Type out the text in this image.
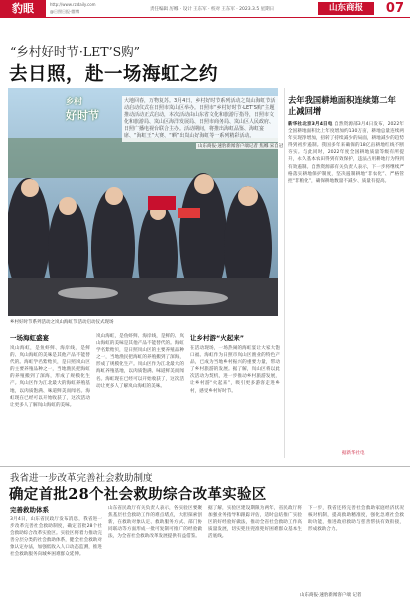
豹眼	http://www.rzdaily.com
@日照日报·微博	责任编辑 厉娜 · 设计 王东军 · 校对 王东军 · 2023.3.5 星期日	山东商报	07
“乡村好时节·LET’S购”
去日照，赴一场海虹之约
乡村
好时节
大地回春，万物复苏。3月4日，乡村好时节系列活动之岚山海虹节活动启动仪式在日照市岚山区举办。日照市“乡村好时节·LET’S购”主题推动活动正式启动，本次活动由山东省文化和旅游厅指导，日照市文化和旅游局、岚山区海洋发展局、日照市商务局、岚山区人民政府、日照广播电视台联合主办。活动期间，将推出海虹品鉴、海虹宴席、“海虹王”大赛、“晒”出岚山好海虹等一系列精彩活动。
山东商报·速豹新闻客户端记者 焦娜 宋自冠
乡村好时节系列活动之岚山海虹节活动启动仪式现场
一场海虹盛宴
岚山海虹，是鱼虾鲜、海岸线，是鲜的、岚山海虹的美味是其他产品不能替代的。海虹学名紫贻贝，是日照岚山区的主要养殖品种之一，当地渔民把海虹的养殖搬到了深海，形成了规模化生产。岚山区作为江北最大的海虹养殖基地，以肉质饱满、味道鲜美而闻名。海虹现在已经可以开始收获了，这次活动让更多人了解岚山海虹的美味。
岚山海虹，是鱼虾鲜、海岸线，是鲜的、岚山海虹的美味是其他产品不能替代的。海虹学名紫贻贝，是日照岚山区的主要养殖品种之一，当地渔民把海虹的养殖搬到了深海，形成了规模化生产。岚山区作为江北最大的海虹养殖基地，以肉质饱满、味道鲜美而闻名。海虹现在已经可以开始收获了，这次活动让更多人了解岚山海虹的美味。
让乡村游“火起来”
在活动现场，一场热闹的海虹宴让大家大饱口福。海虹作为日照市岚山区渔业的特色产品，已成为当地乡村振兴的重要力量，带动了乡村旅游的发展。据了解，岚山区将以此次活动为契机，进一步推动乡村旅游发展，让乡村游“火起来”，吸引更多游客走进乡村，感受乡村好时节。
去年我国耕地面积连续第二年止减回增
新华社北京3月4日电 自然资源部3月4日发布，2022年全国耕地面积比上年度增加约130万亩，耕地总量连续两年实现净增加，扭转了持续减少的局面，耕地减少的趋势得到初步遏制。我国多年来确保的18亿亩耕地红线不断夯实。与此同时，2022年度全国耕地质量等级有所提升，永久基本农田得到有效保护，违法占用耕地行为得到有效遏制。自然资源部有关负责人表示，下一步将继续严格落实耕地保护制度，坚决遏制耕地“非农化”、严格管控“非粮化”，确保耕地数量不减少、质量有提高。
据新华社电
我省进一步改革完善社会救助制度
确定首批28个社会救助综合改革实验区
完善救助体系
3月4日，山东省民政厅发布消息，我省进一步改革完善社会救助制度，确定首批28个社会救助综合改革实验区。实验区将着力推动完善分层分类的社会救助体系，健全社会救助对象认定办法，加强低收入人口动态监测，推进社会救助服务向城乡困难群众延伸。
山东省民政厅有关负责人表示，各实验区要聚焦基层社会救助工作的难点堵点，大胆探索创新，在救助对象认定、救助服务方式、部门协同联动等方面形成一批可复制可推广的经验做法，为全省社会救助改革发展提供有益借鉴。
据了解，实验区建设期限为两年，省民政厅将加强业务指导和跟踪评估，适时总结推广实验区的好经验好做法，推动全省社会救助工作高质量发展，切实兜住兜准兜好困难群众基本生活底线。
下一步，我省还将完善社会救助家庭经济状况核对机制，提高救助精准度，强化急难社会救助功能，推进政府救助与慈善帮扶有效衔接，形成救助合力。
山东商报·速豹新闻客户端 记者
